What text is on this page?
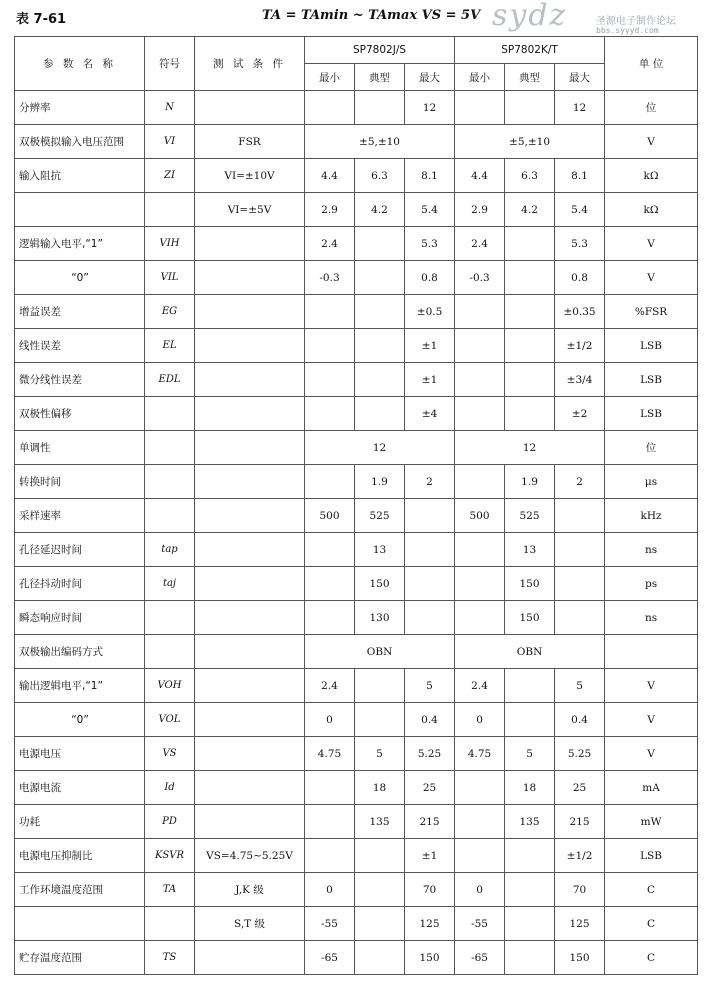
表 7-61	TA = TAmin ~ TAmax VS = 5V sydz	圣源电子制作论坛
bbs.syyyd.com
参 数 名 称	符号	测 试 条 件	SP7802J/S			SP7802K/T			单 位
			最小	典型	最大	最小	典型	最大	
分辨率	N				12			12	位
双极模拟输入电压范围	VI	FSR	±5,±10			±5,±10			V
输入阻抗	ZI	VI=±10V	4.4	6.3	8.1	4.4	6.3	8.1	kΩ
		VI=±5V	2.9	4.2	5.4	2.9	4.2	5.4	kΩ
逻辑输入电平,“1”	VIH		2.4		5.3	2.4		5.3	V
“0”	VIL		-0.3		0.8	-0.3		0.8	V
增益误差	EG				±0.5			±0.35	%FSR
线性误差	EL				±1			±1/2	LSB
微分线性误差	EDL				±1			±3/4	LSB
双极性偏移					±4			±2	LSB
单调性			12			12			位
转换时间				1.9	2		1.9	2	μs
采样速率			500	525		500	525		kHz
孔径延迟时间	tap			13			13		ns
孔径抖动时间	taj			150			150		ps
瞬态响应时间				130			150		ns
双极输出编码方式			OBN			OBN			
输出逻辑电平,“1”	VOH		2.4		5	2.4		5	V
“0”	VOL		0		0.4	0		0.4	V
电源电压	VS		4.75	5	5.25	4.75	5	5.25	V
电源电流	Id			18	25		18	25	mA
功耗	PD			135	215		135	215	mW
电源电压抑制比	KSVR	VS=4.75~5.25V			±1			±1/2	LSB
工作环境温度范围	TA	J,K 级	0		70	0		70	C
		S,T 级	-55		125	-55		125	C
贮存温度范围	TS		-65		150	-65		150	C
